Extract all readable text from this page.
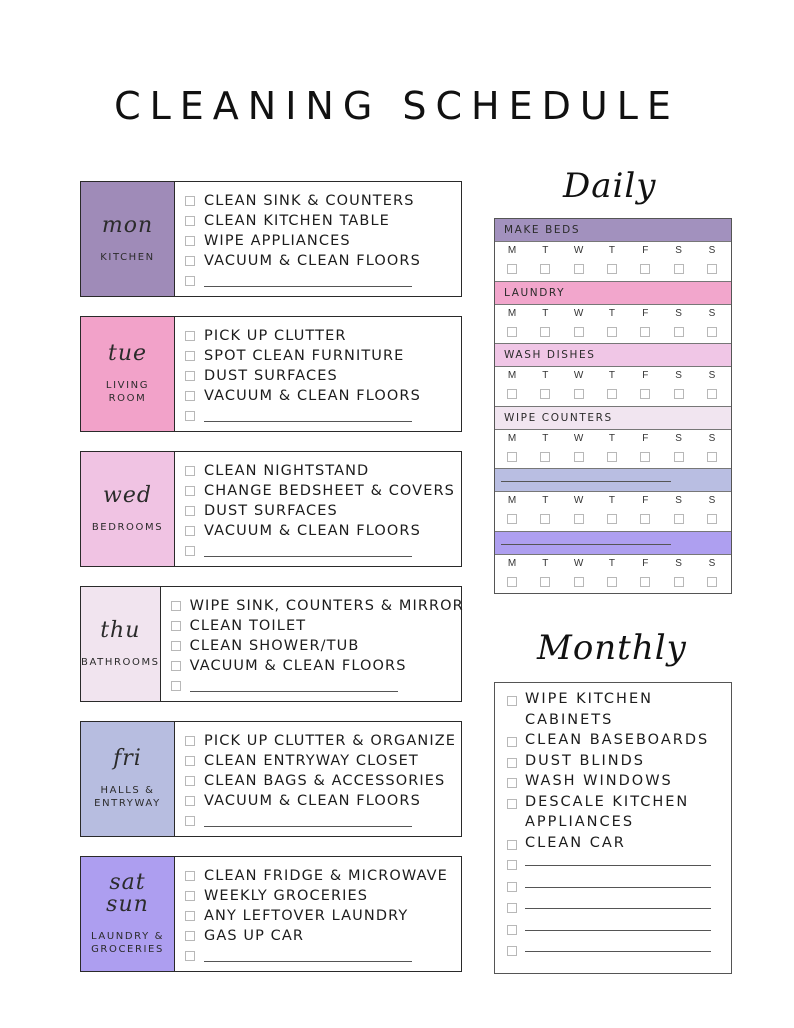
CLEANING SCHEDULE
mon
KITCHEN
CLEAN SINK & COUNTERS
CLEAN KITCHEN TABLE
WIPE APPLIANCES
VACUUM & CLEAN FLOORS
tue
LIVING
ROOM
PICK UP CLUTTER
SPOT CLEAN FURNITURE
DUST SURFACES
VACUUM & CLEAN FLOORS
wed
BEDROOMS
CLEAN NIGHTSTAND
CHANGE BEDSHEET & COVERS
DUST SURFACES
VACUUM & CLEAN FLOORS
thu
BATHROOMS
WIPE SINK, COUNTERS & MIRROR
CLEAN TOILET
CLEAN SHOWER/TUB
VACUUM & CLEAN FLOORS
fri
HALLS &
ENTRYWAY
PICK UP CLUTTER & ORGANIZE
CLEAN ENTRYWAY CLOSET
CLEAN BAGS & ACCESSORIES
VACUUM & CLEAN FLOORS
sat
sun
LAUNDRY &
GROCERIES
CLEAN FRIDGE & MICROWAVE
WEEKLY GROCERIES
ANY LEFTOVER LAUNDRY
GAS UP CAR
Daily
MAKE BEDS
M	T	W	T	F	S	S
LAUNDRY
M	T	W	T	F	S	S
WASH DISHES
M	T	W	T	F	S	S
WIPE COUNTERS
M	T	W	T	F	S	S
M	T	W	T	F	S	S
M	T	W	T	F	S	S
Monthly
WIPE KITCHEN CABINETS
CLEAN BASEBOARDS
DUST BLINDS
WASH WINDOWS
DESCALE KITCHEN
APPLIANCES
CLEAN CAR
